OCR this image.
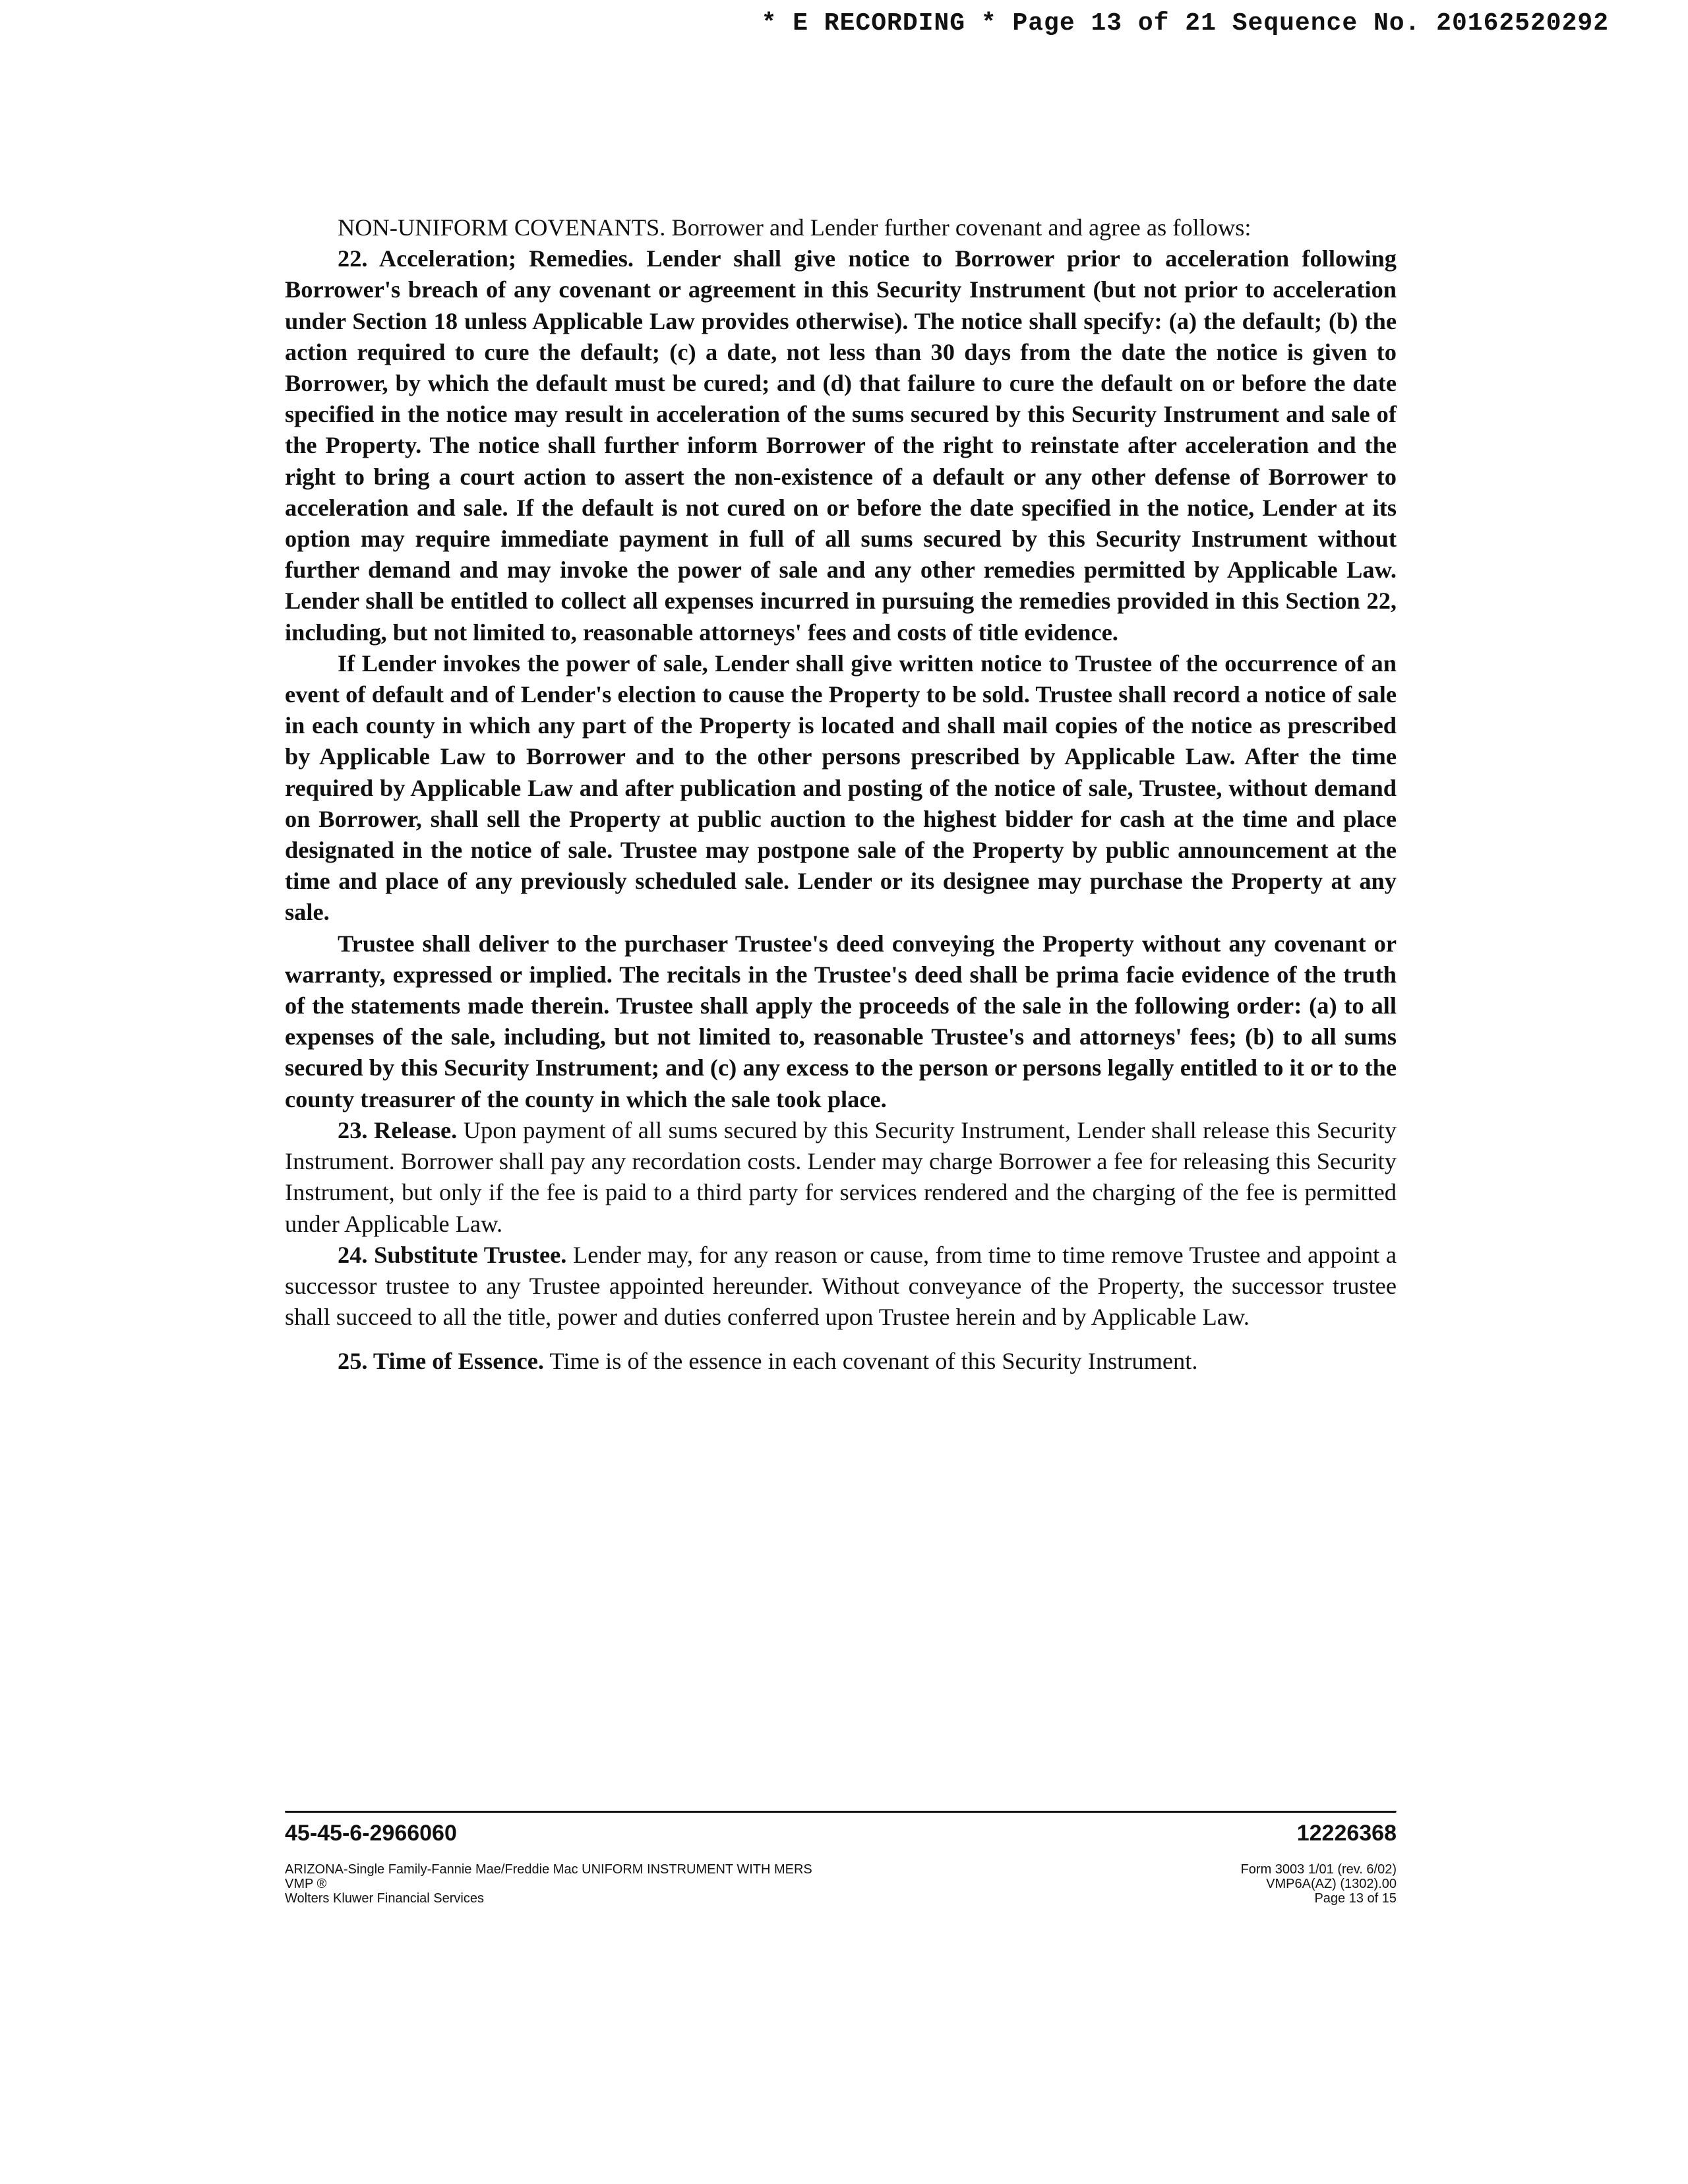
* E RECORDING * Page 13 of 21 Sequence No. 20162520292

NON-UNIFORM COVENANTS. Borrower and Lender further covenant and agree as follows:

22. Acceleration; Remedies. Lender shall give notice to Borrower prior to acceleration following Borrower's breach of any covenant or agreement in this Security Instrument (but not prior to acceleration under Section 18 unless Applicable Law provides otherwise). The notice shall specify: (a) the default; (b) the action required to cure the default; (c) a date, not less than 30 days from the date the notice is given to Borrower, by which the default must be cured; and (d) that failure to cure the default on or before the date specified in the notice may result in acceleration of the sums secured by this Security Instrument and sale of the Property. The notice shall further inform Borrower of the right to reinstate after acceleration and the right to bring a court action to assert the non-existence of a default or any other defense of Borrower to acceleration and sale. If the default is not cured on or before the date specified in the notice, Lender at its option may require immediate payment in full of all sums secured by this Security Instrument without further demand and may invoke the power of sale and any other remedies permitted by Applicable Law. Lender shall be entitled to collect all expenses incurred in pursuing the remedies provided in this Section 22, including, but not limited to, reasonable attorneys' fees and costs of title evidence.

If Lender invokes the power of sale, Lender shall give written notice to Trustee of the occurrence of an event of default and of Lender's election to cause the Property to be sold. Trustee shall record a notice of sale in each county in which any part of the Property is located and shall mail copies of the notice as prescribed by Applicable Law to Borrower and to the other persons prescribed by Applicable Law. After the time required by Applicable Law and after publication and posting of the notice of sale, Trustee, without demand on Borrower, shall sell the Property at public auction to the highest bidder for cash at the time and place designated in the notice of sale. Trustee may postpone sale of the Property by public announcement at the time and place of any previously scheduled sale. Lender or its designee may purchase the Property at any sale.

Trustee shall deliver to the purchaser Trustee's deed conveying the Property without any covenant or warranty, expressed or implied. The recitals in the Trustee's deed shall be prima facie evidence of the truth of the statements made therein. Trustee shall apply the proceeds of the sale in the following order: (a) to all expenses of the sale, including, but not limited to, reasonable Trustee's and attorneys' fees; (b) to all sums secured by this Security Instrument; and (c) any excess to the person or persons legally entitled to it or to the county treasurer of the county in which the sale took place.

23. Release. Upon payment of all sums secured by this Security Instrument, Lender shall release this Security Instrument. Borrower shall pay any recordation costs. Lender may charge Borrower a fee for releasing this Security Instrument, but only if the fee is paid to a third party for services rendered and the charging of the fee is permitted under Applicable Law.

24. Substitute Trustee. Lender may, for any reason or cause, from time to time remove Trustee and appoint a successor trustee to any Trustee appointed hereunder. Without conveyance of the Property, the successor trustee shall succeed to all the title, power and duties conferred upon Trustee herein and by Applicable Law.

25. Time of Essence. Time is of the essence in each covenant of this Security Instrument.

45-45-6-2966060	12226368
ARIZONA-Single Family-Fannie Mae/Freddie Mac UNIFORM INSTRUMENT WITH MERS
VMP ®
Wolters Kluwer Financial Services
Form 3003 1/01 (rev. 6/02)
VMP6A(AZ) (1302).00
Page 13 of 15
